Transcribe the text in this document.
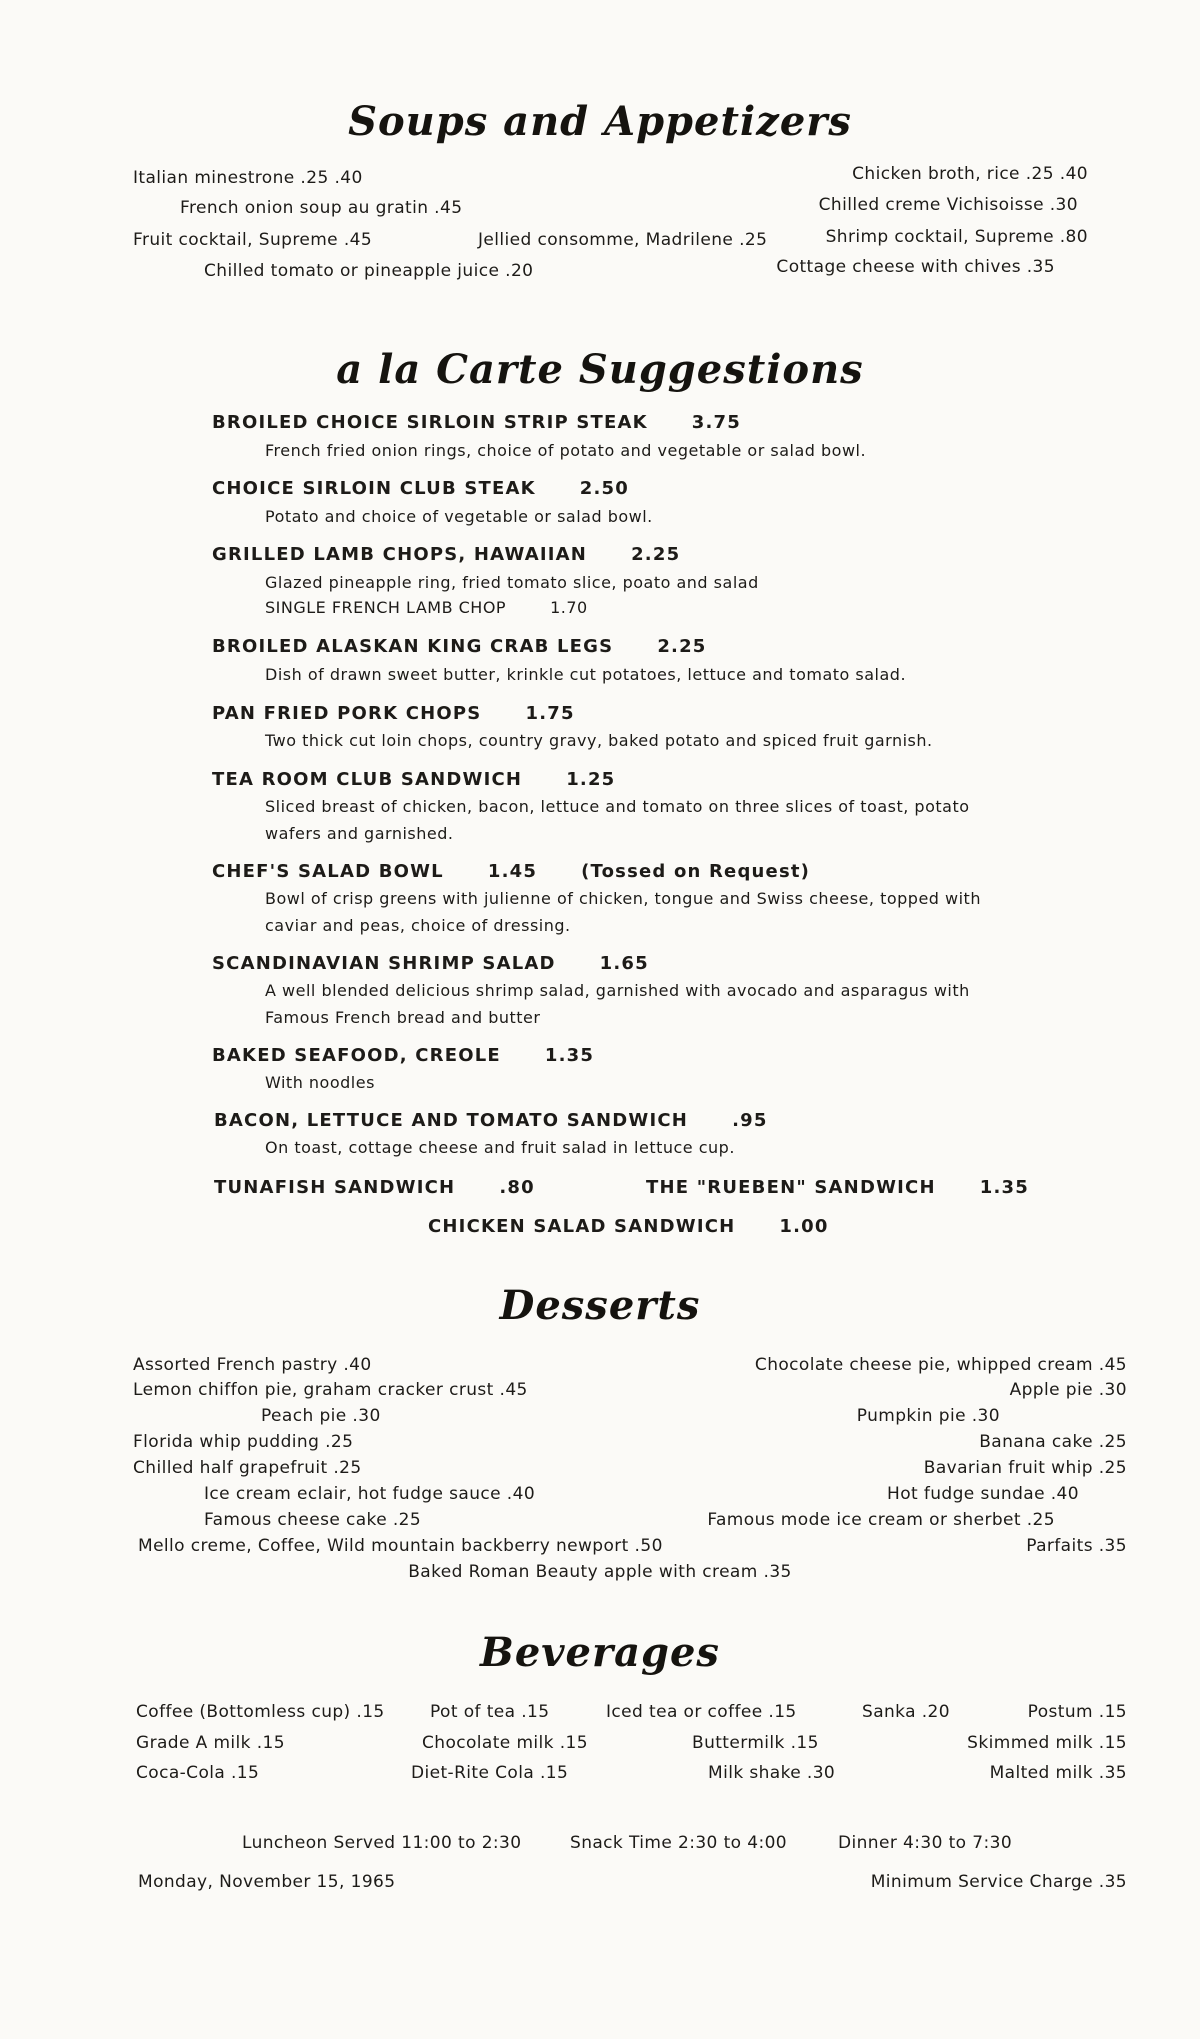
Soups and Appetizers
Italian minestrone .25 .40	Chicken broth, rice .25 .40
French onion soup au gratin .45	Chilled creme Vichisoisse .30
Fruit cocktail, Supreme .45	Jellied consomme, Madrilene .25	Shrimp cocktail, Supreme .80
Chilled tomato or pineapple juice .20	Cottage cheese with chives .35
a la Carte Suggestions
BROILED CHOICE SIRLOIN STRIP STEAK 3.75
French fried onion rings, choice of potato and vegetable or salad bowl.
CHOICE SIRLOIN CLUB STEAK 2.50
Potato and choice of vegetable or salad bowl.
GRILLED LAMB CHOPS, HAWAIIAN 2.25
Glazed pineapple ring, fried tomato slice, poato and salad
SINGLE FRENCH LAMB CHOP	1.70
BROILED ALASKAN KING CRAB LEGS 2.25
Dish of drawn sweet butter, krinkle cut potatoes, lettuce and tomato salad.
PAN FRIED PORK CHOPS 1.75
Two thick cut loin chops, country gravy, baked potato and spiced fruit garnish.
TEA ROOM CLUB SANDWICH 1.25
Sliced breast of chicken, bacon, lettuce and tomato on three slices of toast, potato
wafers and garnished.
CHEF'S SALAD BOWL 1.45 (Tossed on Request)
Bowl of crisp greens with julienne of chicken, tongue and Swiss cheese, topped with
caviar and peas, choice of dressing.
SCANDINAVIAN SHRIMP SALAD 1.65
A well blended delicious shrimp salad, garnished with avocado and asparagus with
Famous French bread and butter
BAKED SEAFOOD, CREOLE 1.35
With noodles
BACON, LETTUCE AND TOMATO SANDWICH .95
On toast, cottage cheese and fruit salad in lettuce cup.
TUNAFISH SANDWICH .80	THE "RUEBEN" SANDWICH 1.35
CHICKEN SALAD SANDWICH 1.00
Desserts
Assorted French pastry .40	Chocolate cheese pie, whipped cream .45
Lemon chiffon pie, graham cracker crust .45	Apple pie .30
Peach pie .30	Pumpkin pie .30
Florida whip pudding .25	Banana cake .25
Chilled half grapefruit .25	Bavarian fruit whip .25
Ice cream eclair, hot fudge sauce .40	Hot fudge sundae .40
Famous cheese cake .25	Famous mode ice cream or sherbet .25
Mello creme, Coffee, Wild mountain backberry newport .50	Parfaits .35
Baked Roman Beauty apple with cream .35
Beverages
Coffee (Bottomless cup) .15	Pot of tea .15	Iced tea or coffee .15	Sanka .20	Postum .15
Grade A milk .15	Chocolate milk .15	Buttermilk .15	Skimmed milk .15
Coca-Cola .15	Diet-Rite Cola .15	Milk shake .30	Malted milk .35
Luncheon Served 11:00 to 2:30	Snack Time 2:30 to 4:00	Dinner 4:30 to 7:30
Monday, November 15, 1965	Minimum Service Charge .35
